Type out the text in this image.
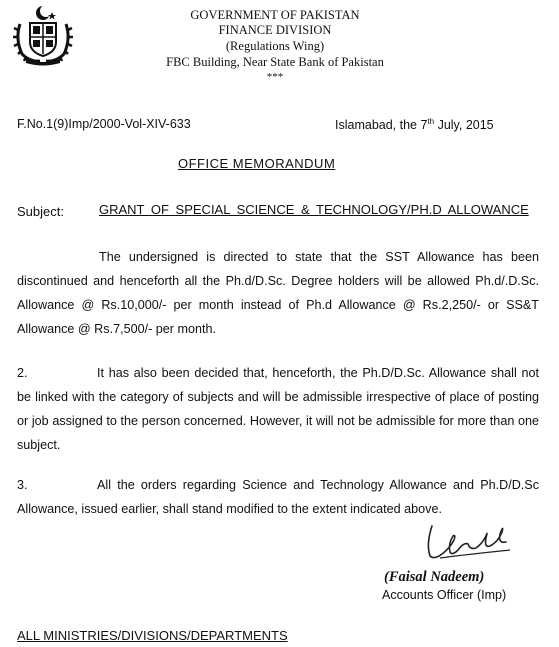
GOVERNMENT OF PAKISTAN
FINANCE DIVISION
(Regulations Wing)
FBC Building, Near State Bank of Pakistan
***
F.No.1(9)Imp/2000-Vol-XIV-633	Islamabad, the 7th July, 2015
OFFICE MEMORANDUM
Subject:	GRANT OF SPECIAL SCIENCE & TECHNOLOGY/PH.D ALLOWANCE
The undersigned is directed to state that the SST Allowance has been discontinued and henceforth all the Ph.d/D.Sc. Degree holders will be allowed Ph.d/.D.Sc. Allowance @ Rs.10,000/- per month instead of Ph.d Allowance @ Rs.2,250/- or SS&T Allowance @ Rs.7,500/- per month.
2.	It has also been decided that, henceforth, the Ph.D/D.Sc. Allowance shall not be linked with the category of subjects and will be admissible irrespective of place of posting or job assigned to the person concerned. However, it will not be admissible for more than one subject.
3.	All the orders regarding Science and Technology Allowance and Ph.D/D.Sc Allowance, issued earlier, shall stand modified to the extent indicated above.
(Faisal Nadeem)
Accounts Officer (Imp)
ALL MINISTRIES/DIVISIONS/DEPARTMENTS
